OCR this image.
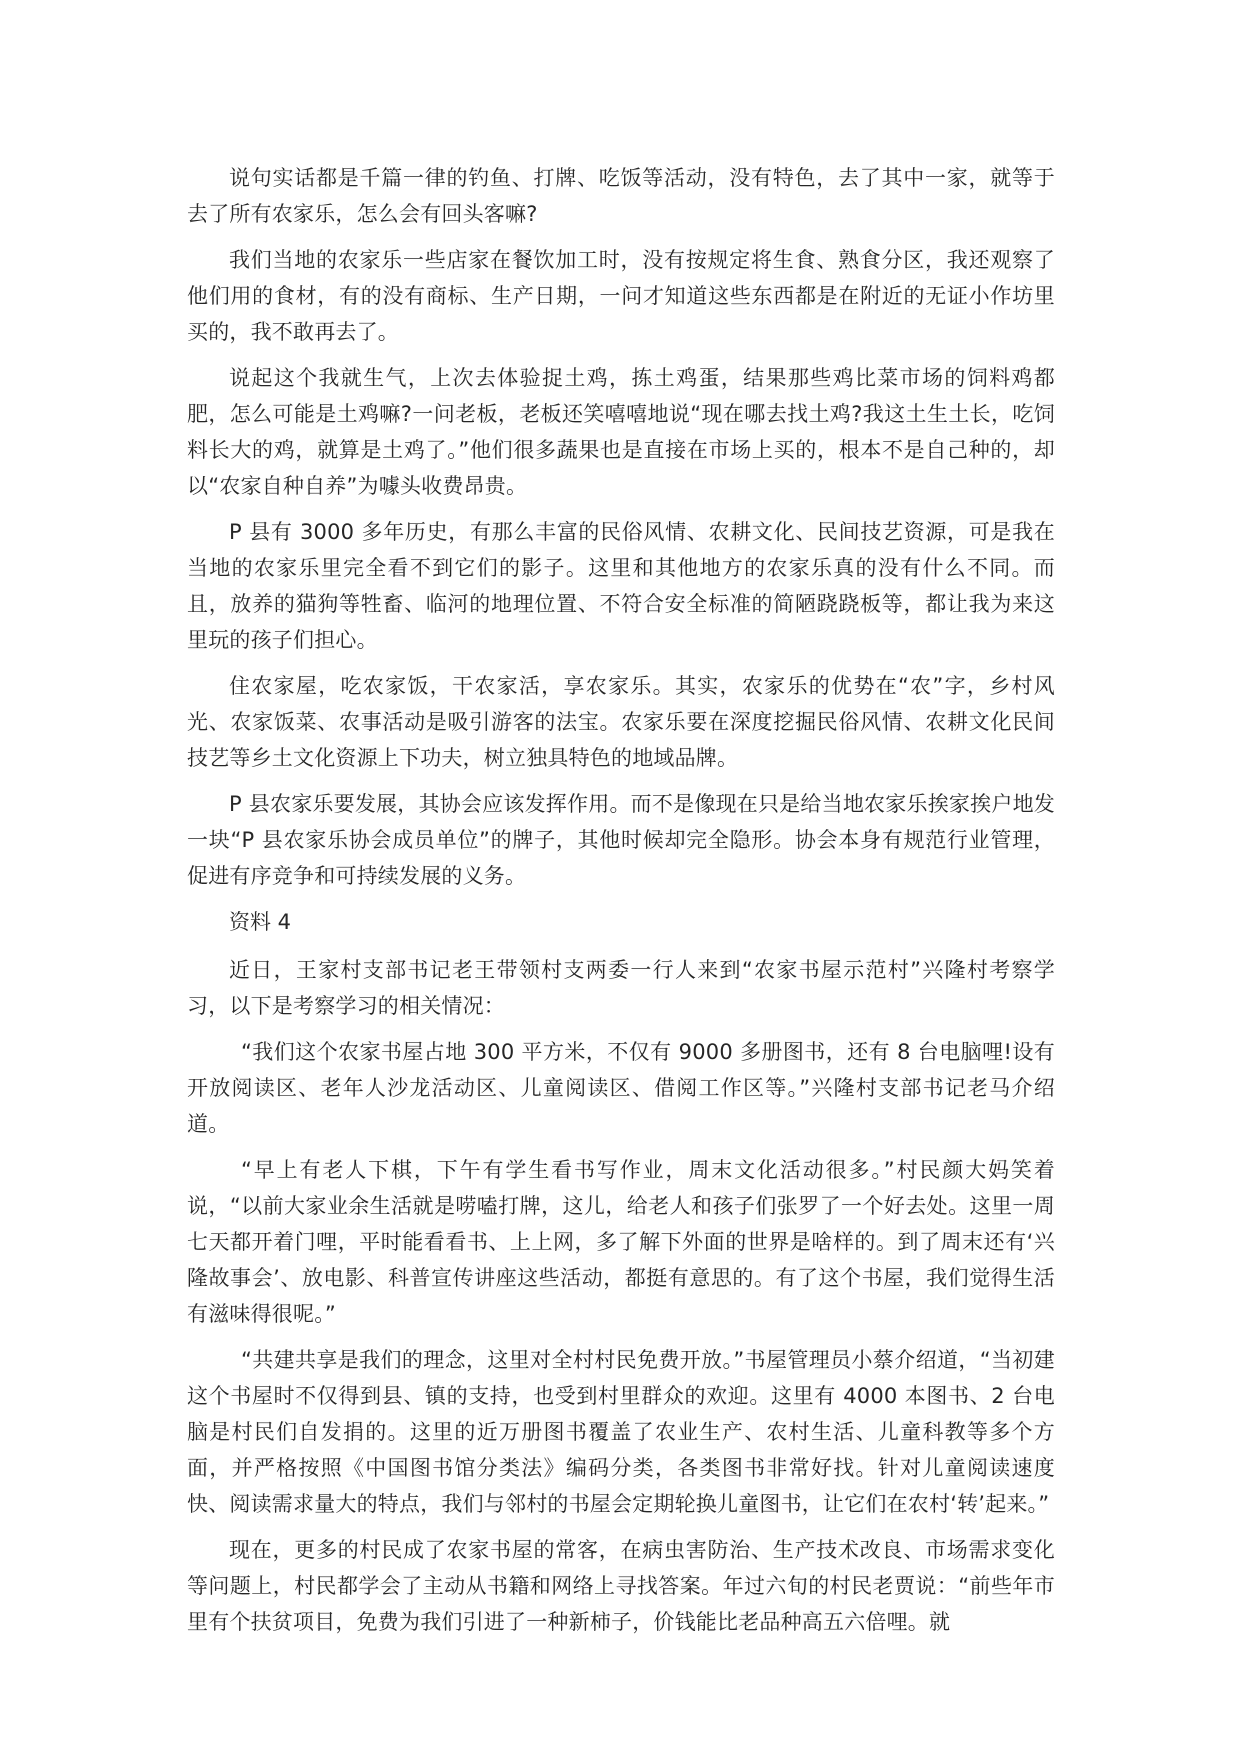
说句实话都是千篇一律的钓鱼、打牌、吃饭等活动，没有特色，去了其中一家，就等于去了所有农家乐，怎么会有回头客嘛?

我们当地的农家乐一些店家在餐饮加工时，没有按规定将生食、熟食分区，我还观察了他们用的食材，有的没有商标、生产日期，一问才知道这些东西都是在附近的无证小作坊里买的，我不敢再去了。

说起这个我就生气，上次去体验捉土鸡，拣土鸡蛋，结果那些鸡比菜市场的饲料鸡都肥，怎么可能是土鸡嘛?一问老板，老板还笑嘻嘻地说“现在哪去找土鸡?我这土生土长，吃饲料长大的鸡，就算是土鸡了。”他们很多蔬果也是直接在市场上买的，根本不是自己种的，却以“农家自种自养”为噱头收费昂贵。

P 县有 3000 多年历史，有那么丰富的民俗风情、农耕文化、民间技艺资源，可是我在当地的农家乐里完全看不到它们的影子。这里和其他地方的农家乐真的没有什么不同。而且，放养的猫狗等牲畜、临河的地理位置、不符合安全标准的简陋跷跷板等，都让我为来这里玩的孩子们担心。

住农家屋，吃农家饭，干农家活，享农家乐。其实，农家乐的优势在“农”字，乡村风光、农家饭菜、农事活动是吸引游客的法宝。农家乐要在深度挖掘民俗风情、农耕文化民间技艺等乡土文化资源上下功夫，树立独具特色的地域品牌。

P 县农家乐要发展，其协会应该发挥作用。而不是像现在只是给当地农家乐挨家挨户地发一块“P 县农家乐协会成员单位”的牌子，其他时候却完全隐形。协会本身有规范行业管理，促进有序竞争和可持续发展的义务。

资料 4

近日，王家村支部书记老王带领村支两委一行人来到“农家书屋示范村”兴隆村考察学习，以下是考察学习的相关情况：

“我们这个农家书屋占地 300 平方米，不仅有 9000 多册图书，还有 8 台电脑哩!设有开放阅读区、老年人沙龙活动区、儿童阅读区、借阅工作区等。”兴隆村支部书记老马介绍道。

“早上有老人下棋，下午有学生看书写作业，周末文化活动很多。”村民颜大妈笑着说，“以前大家业余生活就是唠嗑打牌，这儿，给老人和孩子们张罗了一个好去处。这里一周七天都开着门哩，平时能看看书、上上网，多了解下外面的世界是啥样的。到了周末还有‘兴隆故事会’、放电影、科普宣传讲座这些活动，都挺有意思的。有了这个书屋，我们觉得生活有滋味得很呢。”

“共建共享是我们的理念，这里对全村村民免费开放。”书屋管理员小蔡介绍道，“当初建这个书屋时不仅得到县、镇的支持，也受到村里群众的欢迎。这里有 4000 本图书、2 台电脑是村民们自发捐的。这里的近万册图书覆盖了农业生产、农村生活、儿童科教等多个方面，并严格按照《中国图书馆分类法》编码分类，各类图书非常好找。针对儿童阅读速度快、阅读需求量大的特点，我们与邻村的书屋会定期轮换儿童图书，让它们在农村‘转’起来。”

现在，更多的村民成了农家书屋的常客，在病虫害防治、生产技术改良、市场需求变化等问题上，村民都学会了主动从书籍和网络上寻找答案。年过六旬的村民老贾说：“前些年市里有个扶贫项目，免费为我们引进了一种新柿子，价钱能比老品种高五六倍哩。就
